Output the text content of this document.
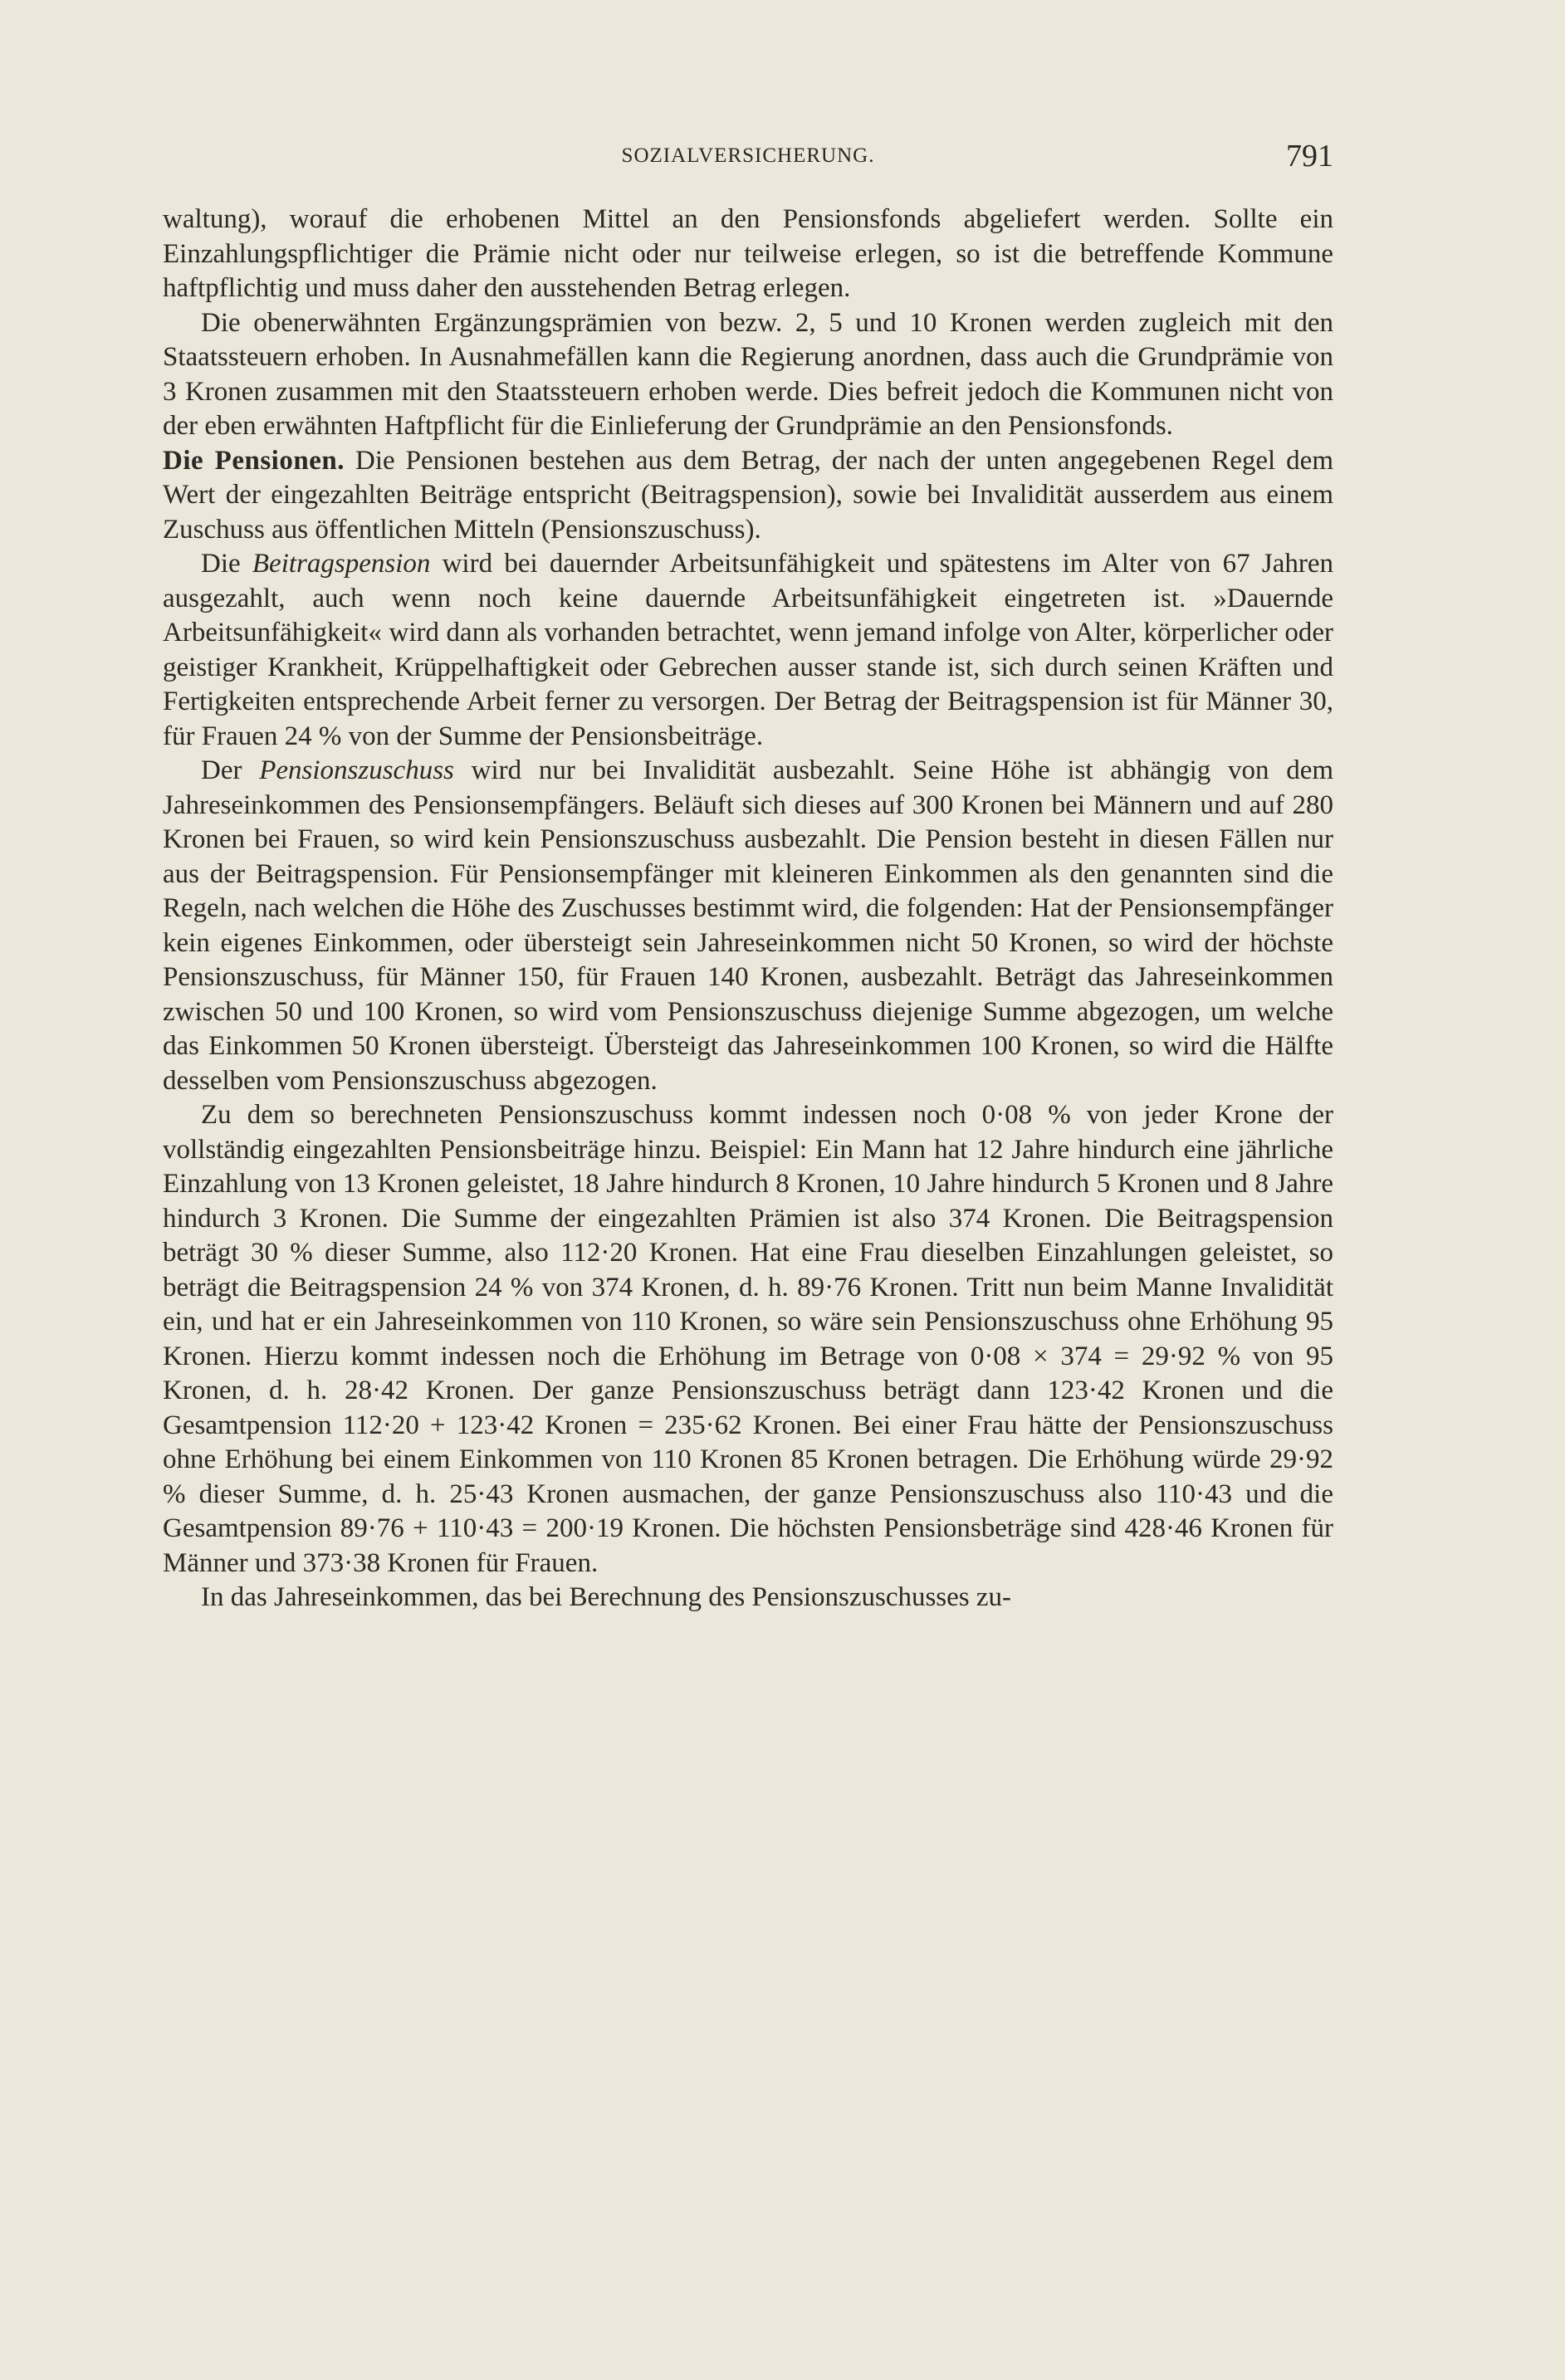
SOZIALVERSICHERUNG.	791

waltung), worauf die erhobenen Mittel an den Pensionsfonds abgeliefert werden. Sollte ein Einzahlungspflichtiger die Prämie nicht oder nur teilweise erlegen, so ist die betreffende Kommune haftpflichtig und muss daher den ausstehenden Betrag erlegen.

Die obenerwähnten Ergänzungsprämien von bezw. 2, 5 und 10 Kronen werden zugleich mit den Staatssteuern erhoben. In Ausnahmefällen kann die Regierung anordnen, dass auch die Grundprämie von 3 Kronen zusammen mit den Staatssteuern erhoben werde. Dies befreit jedoch die Kommunen nicht von der eben erwähnten Haftpflicht für die Einlieferung der Grundprämie an den Pensionsfonds.

Die Pensionen. Die Pensionen bestehen aus dem Betrag, der nach der unten angegebenen Regel dem Wert der eingezahlten Beiträge entspricht (Beitragspension), sowie bei Invalidität ausserdem aus einem Zuschuss aus öffentlichen Mitteln (Pensionszuschuss).

Die Beitragspension wird bei dauernder Arbeitsunfähigkeit und spätestens im Alter von 67 Jahren ausgezahlt, auch wenn noch keine dauernde Arbeitsunfähigkeit eingetreten ist. »Dauernde Arbeitsunfähigkeit« wird dann als vorhanden betrachtet, wenn jemand infolge von Alter, körperlicher oder geistiger Krankheit, Krüppelhaftigkeit oder Gebrechen ausser stande ist, sich durch seinen Kräften und Fertigkeiten entsprechende Arbeit ferner zu versorgen. Der Betrag der Beitragspension ist für Männer 30, für Frauen 24 % von der Summe der Pensionsbeiträge.

Der Pensionszuschuss wird nur bei Invalidität ausbezahlt. Seine Höhe ist abhängig von dem Jahreseinkommen des Pensionsempfängers. Beläuft sich dieses auf 300 Kronen bei Männern und auf 280 Kronen bei Frauen, so wird kein Pensionszuschuss ausbezahlt. Die Pension besteht in diesen Fällen nur aus der Beitragspension. Für Pensionsempfänger mit kleineren Einkommen als den genannten sind die Regeln, nach welchen die Höhe des Zuschusses bestimmt wird, die folgenden: Hat der Pensionsempfänger kein eigenes Einkommen, oder übersteigt sein Jahreseinkommen nicht 50 Kronen, so wird der höchste Pensionszuschuss, für Männer 150, für Frauen 140 Kronen, ausbezahlt. Beträgt das Jahreseinkommen zwischen 50 und 100 Kronen, so wird vom Pensionszuschuss diejenige Summe abgezogen, um welche das Einkommen 50 Kronen übersteigt. Übersteigt das Jahreseinkommen 100 Kronen, so wird die Hälfte desselben vom Pensionszuschuss abgezogen.

Zu dem so berechneten Pensionszuschuss kommt indessen noch 0·08 % von jeder Krone der vollständig eingezahlten Pensionsbeiträge hinzu. Beispiel: Ein Mann hat 12 Jahre hindurch eine jährliche Einzahlung von 13 Kronen geleistet, 18 Jahre hindurch 8 Kronen, 10 Jahre hindurch 5 Kronen und 8 Jahre hindurch 3 Kronen. Die Summe der eingezahlten Prämien ist also 374 Kronen. Die Beitragspension beträgt 30 % dieser Summe, also 112·20 Kronen. Hat eine Frau dieselben Einzahlungen geleistet, so beträgt die Beitragspension 24 % von 374 Kronen, d. h. 89·76 Kronen. Tritt nun beim Manne Invalidität ein, und hat er ein Jahreseinkommen von 110 Kronen, so wäre sein Pensionszuschuss ohne Erhöhung 95 Kronen. Hierzu kommt indessen noch die Erhöhung im Betrage von 0·08 × 374 = 29·92 % von 95 Kronen, d. h. 28·42 Kronen. Der ganze Pensionszuschuss beträgt dann 123·42 Kronen und die Gesamtpension 112·20 + 123·42 Kronen = 235·62 Kronen. Bei einer Frau hätte der Pensionszuschuss ohne Erhöhung bei einem Einkommen von 110 Kronen 85 Kronen betragen. Die Erhöhung würde 29·92 % dieser Summe, d. h. 25·43 Kronen ausmachen, der ganze Pensionszuschuss also 110·43 und die Gesamtpension 89·76 + 110·43 = 200·19 Kronen. Die höchsten Pensionsbeträge sind 428·46 Kronen für Männer und 373·38 Kronen für Frauen.

In das Jahreseinkommen, das bei Berechnung des Pensionszuschusses zu-
